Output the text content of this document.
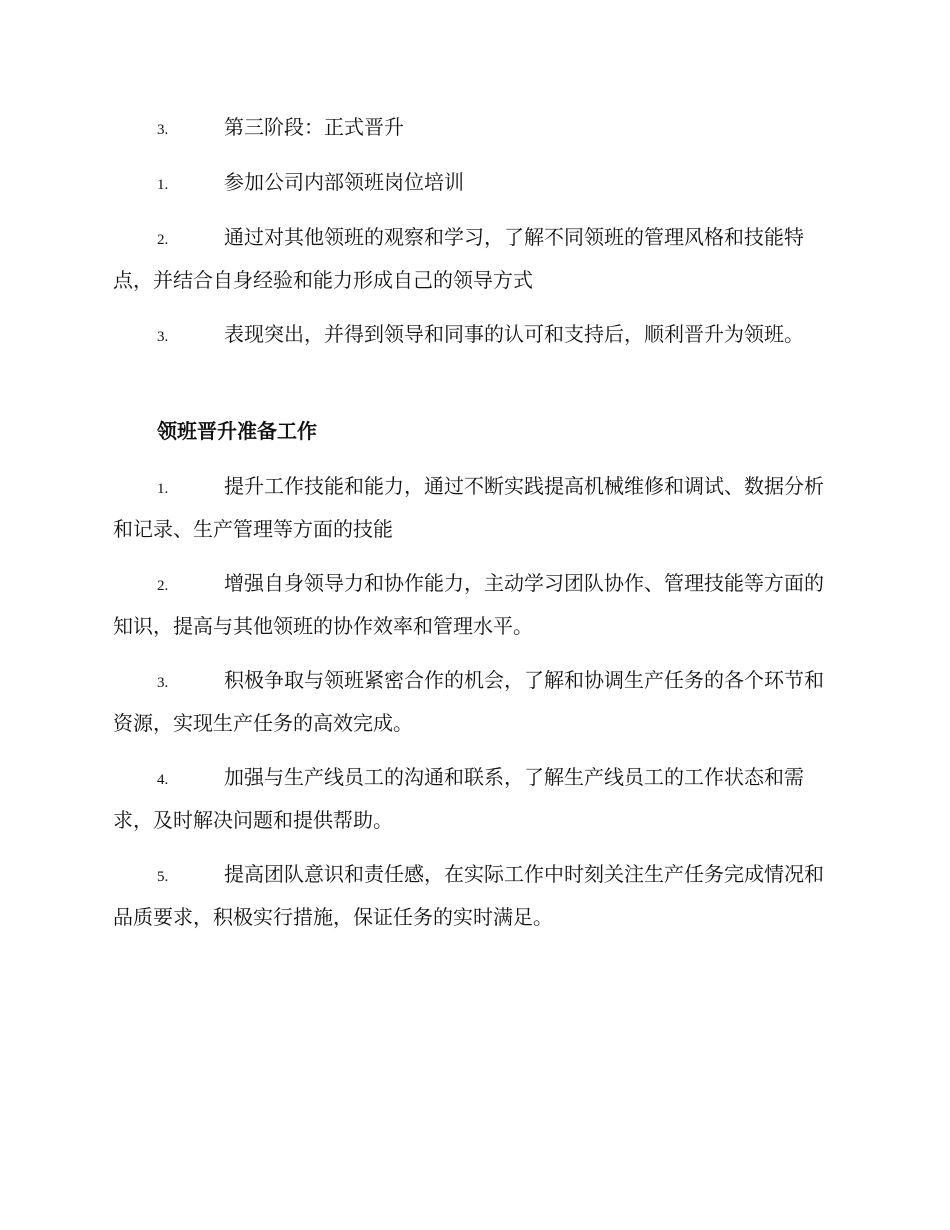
3.	第三阶段：正式晋升

1.	参加公司内部领班岗位培训

2.	通过对其他领班的观察和学习，了解不同领班的管理风格和技能特点，并结合自身经验和能力形成自己的领导方式

3.	表现突出，并得到领导和同事的认可和支持后，顺利晋升为领班。

领班晋升准备工作

1.	提升工作技能和能力，通过不断实践提高机械维修和调试、数据分析和记录、生产管理等方面的技能

2.	增强自身领导力和协作能力，主动学习团队协作、管理技能等方面的知识，提高与其他领班的协作效率和管理水平。

3.	积极争取与领班紧密合作的机会，了解和协调生产任务的各个环节和资源，实现生产任务的高效完成。

4.	加强与生产线员工的沟通和联系，了解生产线员工的工作状态和需求，及时解决问题和提供帮助。

5.	提高团队意识和责任感，在实际工作中时刻关注生产任务完成情况和品质要求，积极实行措施，保证任务的实时满足。
